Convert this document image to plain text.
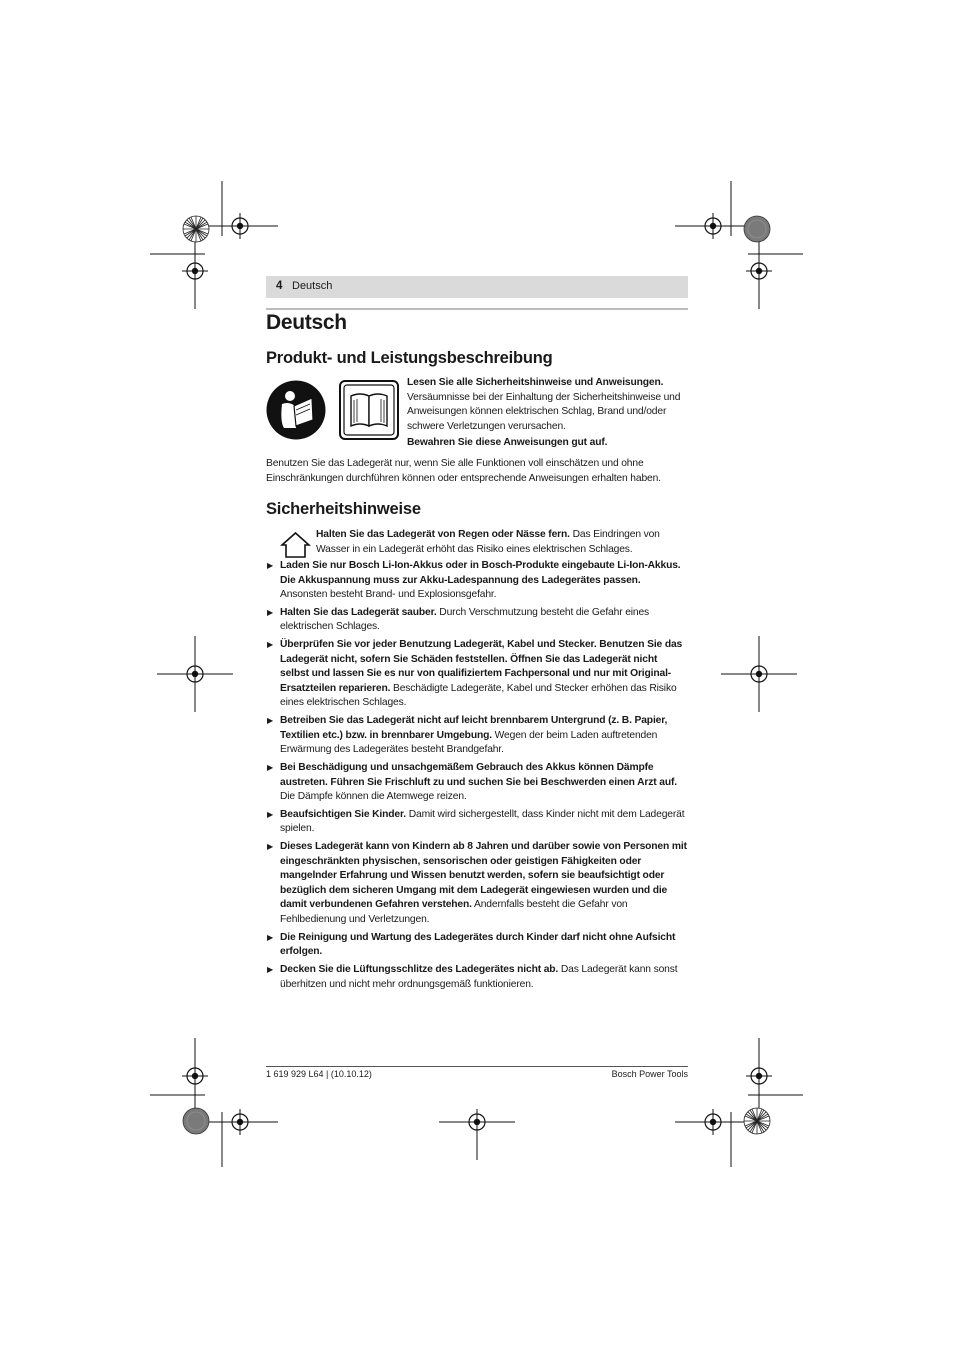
4 Deutsch
Deutsch
Produkt- und Leistungsbeschreibung
Lesen Sie alle Sicherheitshinweise und Anweisungen.
Versäumnisse bei der Einhaltung der Sicherheitshinweise und Anweisungen können elektrischen Schlag, Brand und/oder schwere Verletzungen verursachen.
Bewahren Sie diese Anweisungen gut auf.
Benutzen Sie das Ladegerät nur, wenn Sie alle Funktionen voll einschätzen und ohne Einschränkungen durchführen können oder entsprechende Anweisungen erhalten haben.
Sicherheitshinweise
Halten Sie das Ladegerät von Regen oder Nässe fern. Das Eindringen von Wasser in ein Ladegerät erhöht das Risiko eines elektrischen Schlages.
▶ Laden Sie nur Bosch Li-Ion-Akkus oder in Bosch-Produkte eingebaute Li-Ion-Akkus. Die Akkuspannung muss zur Akku-Ladespannung des Ladegerätes passen. Ansonsten besteht Brand- und Explosionsgefahr.
▶ Halten Sie das Ladegerät sauber. Durch Verschmutzung besteht die Gefahr eines elektrischen Schlages.
▶ Überprüfen Sie vor jeder Benutzung Ladegerät, Kabel und Stecker. Benutzen Sie das Ladegerät nicht, sofern Sie Schäden feststellen. Öffnen Sie das Ladegerät nicht selbst und lassen Sie es nur von qualifiziertem Fachpersonal und nur mit Original-Ersatzteilen reparieren. Beschädigte Ladegeräte, Kabel und Stecker erhöhen das Risiko eines elektrischen Schlages.
▶ Betreiben Sie das Ladegerät nicht auf leicht brennbarem Untergrund (z. B. Papier, Textilien etc.) bzw. in brennbarer Umgebung. Wegen der beim Laden auftretenden Erwärmung des Ladegerätes besteht Brandgefahr.
▶ Bei Beschädigung und unsachgemäßem Gebrauch des Akkus können Dämpfe austreten. Führen Sie Frischluft zu und suchen Sie bei Beschwerden einen Arzt auf. Die Dämpfe können die Atemwege reizen.
▶ Beaufsichtigen Sie Kinder. Damit wird sichergestellt, dass Kinder nicht mit dem Ladegerät spielen.
▶ Dieses Ladegerät kann von Kindern ab 8 Jahren und darüber sowie von Personen mit eingeschränkten physischen, sensorischen oder geistigen Fähigkeiten oder mangelnder Erfahrung und Wissen benutzt werden, sofern sie beaufsichtigt oder bezüglich dem sicheren Umgang mit dem Ladegerät eingewiesen wurden und die damit verbundenen Gefahren verstehen. Andernfalls besteht die Gefahr von Fehlbedienung und Verletzungen.
▶ Die Reinigung und Wartung des Ladegerätes durch Kinder darf nicht ohne Aufsicht erfolgen.
▶ Decken Sie die Lüftungsschlitze des Ladegerätes nicht ab. Das Ladegerät kann sonst überhitzen und nicht mehr ordnungsgemäß funktionieren.
1 619 929 L64 | (10.10.12)	Bosch Power Tools
